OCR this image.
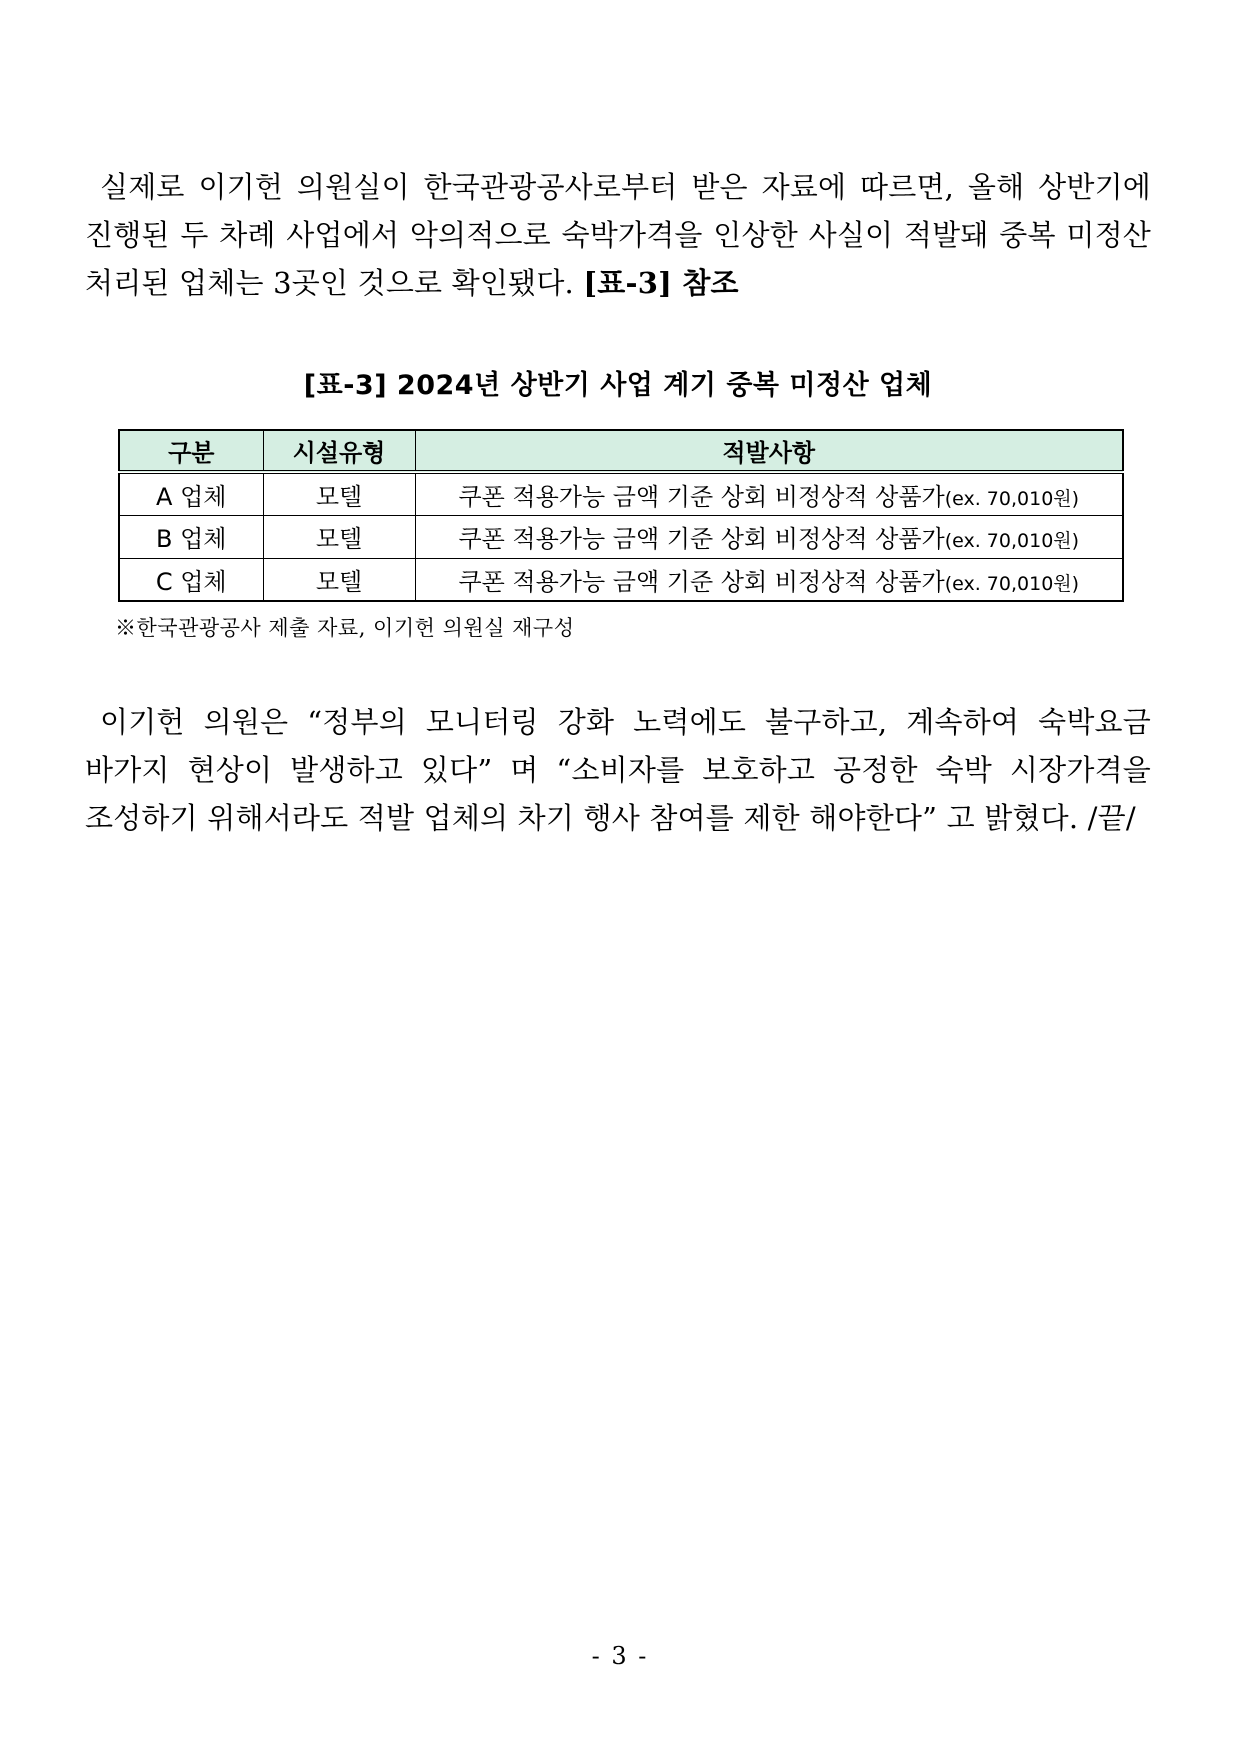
실제로 이기헌 의원실이 한국관광공사로부터 받은 자료에 따르면, 올해 상반기에 진행된 두 차례 사업에서 악의적으로 숙박가격을 인상한 사실이 적발돼 중복 미정산 처리된 업체는 3곳인 것으로 확인됐다. [표-3] 참조

[표-3] 2024년 상반기 사업 계기 중복 미정산 업체
구분	시설유형	적발사항
A 업체	모텔	쿠폰 적용가능 금액 기준 상회 비정상적 상품가(ex. 70,010원)
B 업체	모텔	쿠폰 적용가능 금액 기준 상회 비정상적 상품가(ex. 70,010원)
C 업체	모텔	쿠폰 적용가능 금액 기준 상회 비정상적 상품가(ex. 70,010원)

※한국관광공사 제출 자료, 이기헌 의원실 재구성

이기헌 의원은 “정부의 모니터링 강화 노력에도 불구하고, 계속하여 숙박요금 바가지 현상이 발생하고 있다” 며 “소비자를 보호하고 공정한 숙박 시장가격을 조성하기 위해서라도 적발 업체의 차기 행사 참여를 제한 해야한다” 고 밝혔다. /끝/

- 3 -
